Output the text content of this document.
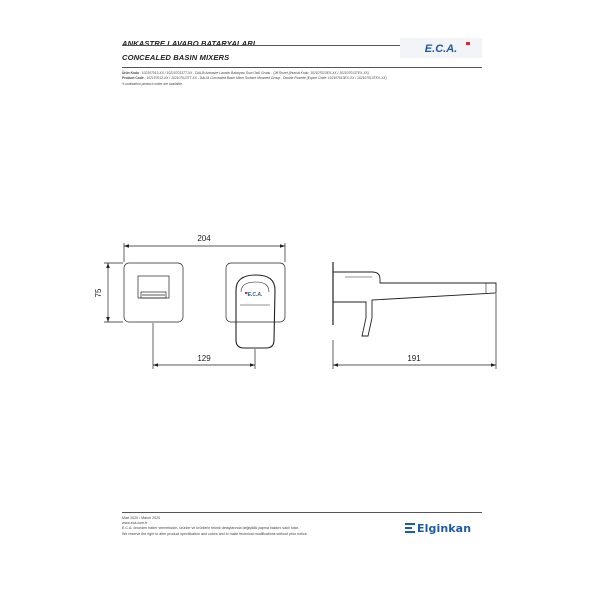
ANKASTRE LAVABO BATARYALARI
CONCEALED BASIN MIXERS
E.C.A.
Ürün Kodu : 102107013-XX / 102107013TT-XX - DALİA Ankastre Lavabo Bataryası Sıva Üstü Grubu - Çift Rozet (İhracat Kodu: 102107013EX-XX / 102107013TEX-XX)
Product Code : 102107013-XX / 102107013TT-XX - DALİA Concealed Basin Mixer Surface Mounted Group - Double Rosette (Export Code: 102107013EX-XX / 102107013TEX-XX)
*Localization product codes are available.
E.C.A.
204
75
129	191
Mart 2020 / March 2020
www.eca.com.tr
E.C.A. önceden haber vermeksizin, ürünler ve ürünlerin teknik detaylarında değişiklik yapma hakkını saklı tutar.
We reserve the right to alter product specification and colors and to make technical modifications without prior notice.	Elginkan
